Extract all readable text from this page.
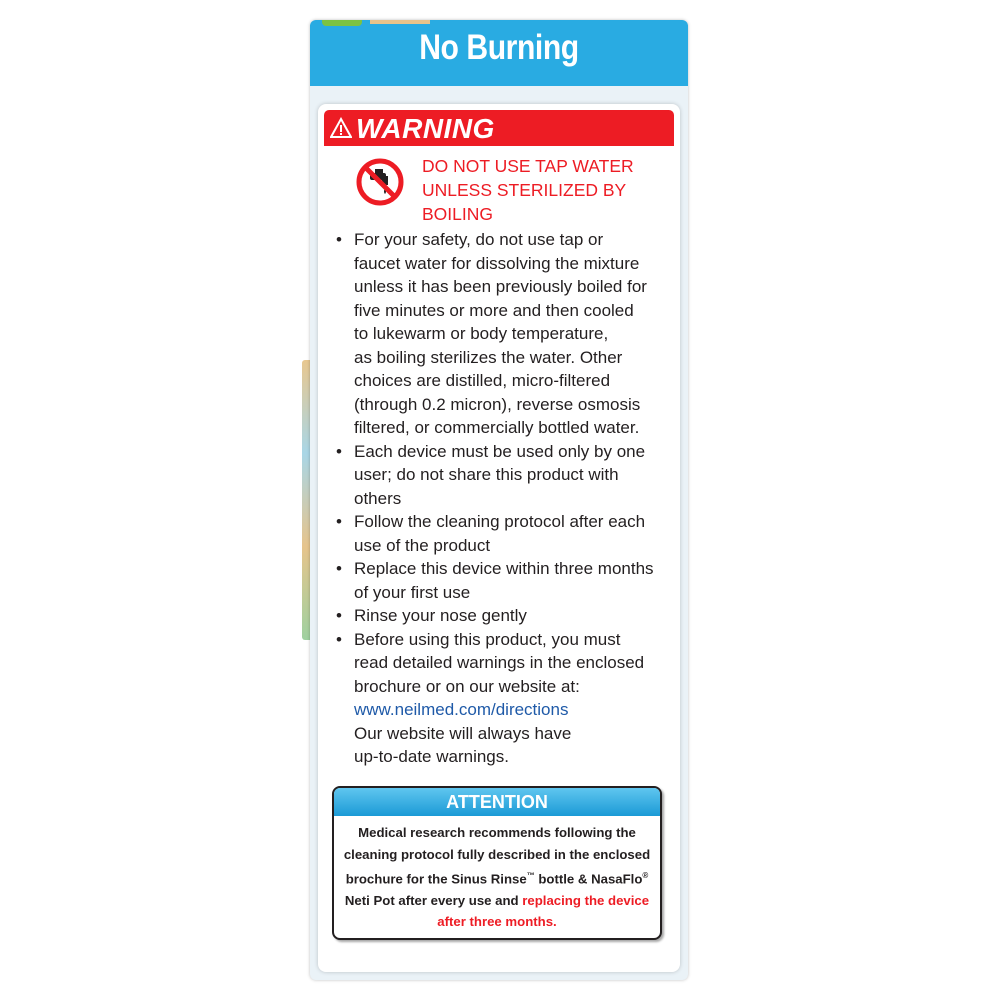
No Burning
WARNING
DO NOT USE TAP WATER
UNLESS STERILIZED BY
BOILING
• For your safety, do not use tap or
faucet water for dissolving the mixture
unless it has been previously boiled for
five minutes or more and then cooled
to lukewarm or body temperature,
as boiling sterilizes the water. Other
choices are distilled, micro-filtered
(through 0.2 micron), reverse osmosis
filtered, or commercially bottled water.
• Each device must be used only by one
user; do not share this product with
others
• Follow the cleaning protocol after each
use of the product
• Replace this device within three months
of your first use
• Rinse your nose gently
• Before using this product, you must
read detailed warnings in the enclosed
brochure or on our website at:
www.neilmed.com/directions
Our website will always have
up-to-date warnings.
ATTENTION
Medical research recommends following the
cleaning protocol fully described in the enclosed
brochure for the Sinus Rinse™ bottle & NasaFlo®
Neti Pot after every use and replacing the device
after three months.
